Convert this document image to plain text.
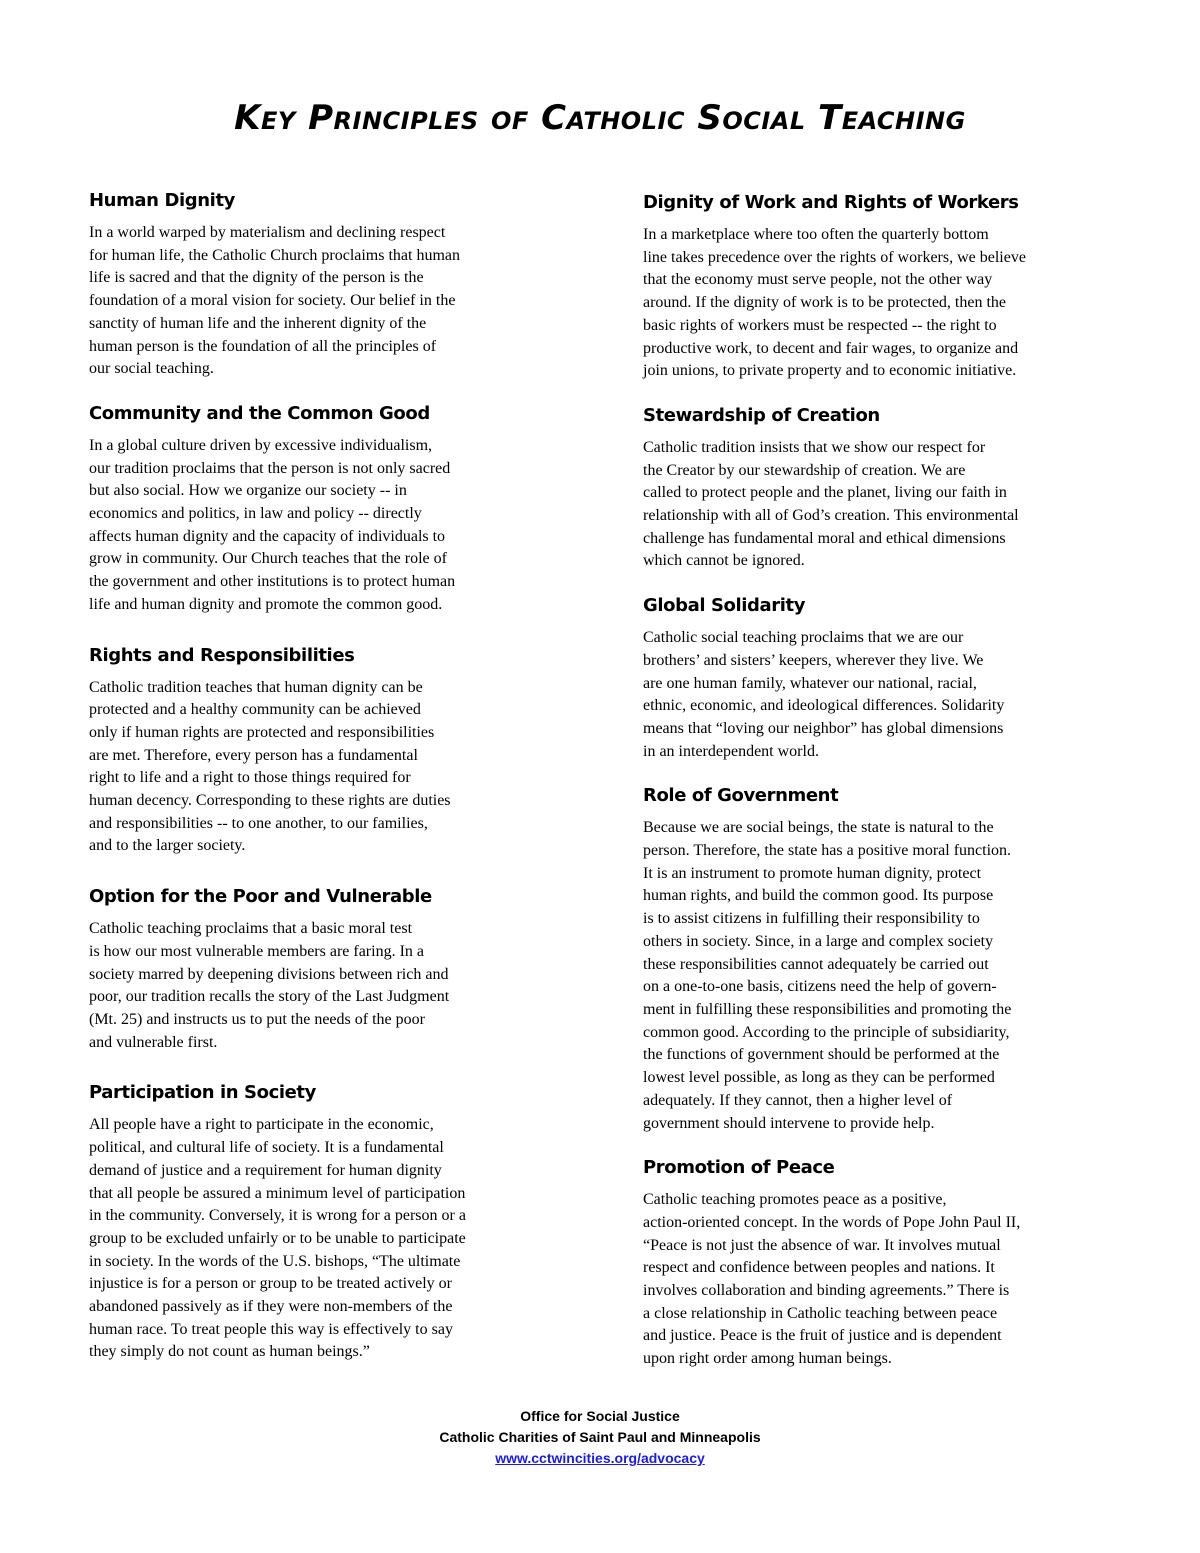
Key Principles of Catholic Social Teaching
Human Dignity

In a world warped by materialism and declining respect
for human life, the Catholic Church proclaims that human
life is sacred and that the dignity of the person is the
foundation of a moral vision for society. Our belief in the
sanctity of human life and the inherent dignity of the
human person is the foundation of all the principles of
our social teaching.

Community and the Common Good

In a global culture driven by excessive individualism,
our tradition proclaims that the person is not only sacred
but also social. How we organize our society -- in
economics and politics, in law and policy -- directly
affects human dignity and the capacity of individuals to
grow in community. Our Church teaches that the role of
the government and other institutions is to protect human
life and human dignity and promote the common good.

Rights and Responsibilities

Catholic tradition teaches that human dignity can be
protected and a healthy community can be achieved
only if human rights are protected and responsibilities
are met. Therefore, every person has a fundamental
right to life and a right to those things required for
human decency. Corresponding to these rights are duties
and responsibilities -- to one another, to our families,
and to the larger society.

Option for the Poor and Vulnerable

Catholic teaching proclaims that a basic moral test
is how our most vulnerable members are faring. In a
society marred by deepening divisions between rich and
poor, our tradition recalls the story of the Last Judgment
(Mt. 25) and instructs us to put the needs of the poor
and vulnerable first.

Participation in Society

All people have a right to participate in the economic,
political, and cultural life of society. It is a fundamental
demand of justice and a requirement for human dignity
that all people be assured a minimum level of participation
in the community. Conversely, it is wrong for a person or a
group to be excluded unfairly or to be unable to participate
in society. In the words of the U.S. bishops, “The ultimate
injustice is for a person or group to be treated actively or
abandoned passively as if they were non-members of the
human race. To treat people this way is effectively to say
they simply do not count as human beings.”

Dignity of Work and Rights of Workers

In a marketplace where too often the quarterly bottom
line takes precedence over the rights of workers, we believe
that the economy must serve people, not the other way
around. If the dignity of work is to be protected, then the
basic rights of workers must be respected -- the right to
productive work, to decent and fair wages, to organize and
join unions, to private property and to economic initiative.

Stewardship of Creation

Catholic tradition insists that we show our respect for
the Creator by our stewardship of creation. We are
called to protect people and the planet, living our faith in
relationship with all of God’s creation. This environmental
challenge has fundamental moral and ethical dimensions
which cannot be ignored.

Global Solidarity

Catholic social teaching proclaims that we are our
brothers’ and sisters’ keepers, wherever they live. We
are one human family, whatever our national, racial,
ethnic, economic, and ideological differences. Solidarity
means that “loving our neighbor” has global dimensions
in an interdependent world.

Role of Government

Because we are social beings, the state is natural to the
person. Therefore, the state has a positive moral function.
It is an instrument to promote human dignity, protect
human rights, and build the common good. Its purpose
is to assist citizens in fulfilling their responsibility to
others in society. Since, in a large and complex society
these responsibilities cannot adequately be carried out
on a one-to-one basis, citizens need the help of govern-
ment in fulfilling these responsibilities and promoting the
common good. According to the principle of subsidiarity,
the functions of government should be performed at the
lowest level possible, as long as they can be performed
adequately. If they cannot, then a higher level of
government should intervene to provide help.

Promotion of Peace

Catholic teaching promotes peace as a positive,
action-oriented concept. In the words of Pope John Paul II,
“Peace is not just the absence of war. It involves mutual
respect and confidence between peoples and nations. It
involves collaboration and binding agreements.” There is
a close relationship in Catholic teaching between peace
and justice. Peace is the fruit of justice and is dependent
upon right order among human beings.

Office for Social Justice
Catholic Charities of Saint Paul and Minneapolis
www.cctwincities.org/advocacy
